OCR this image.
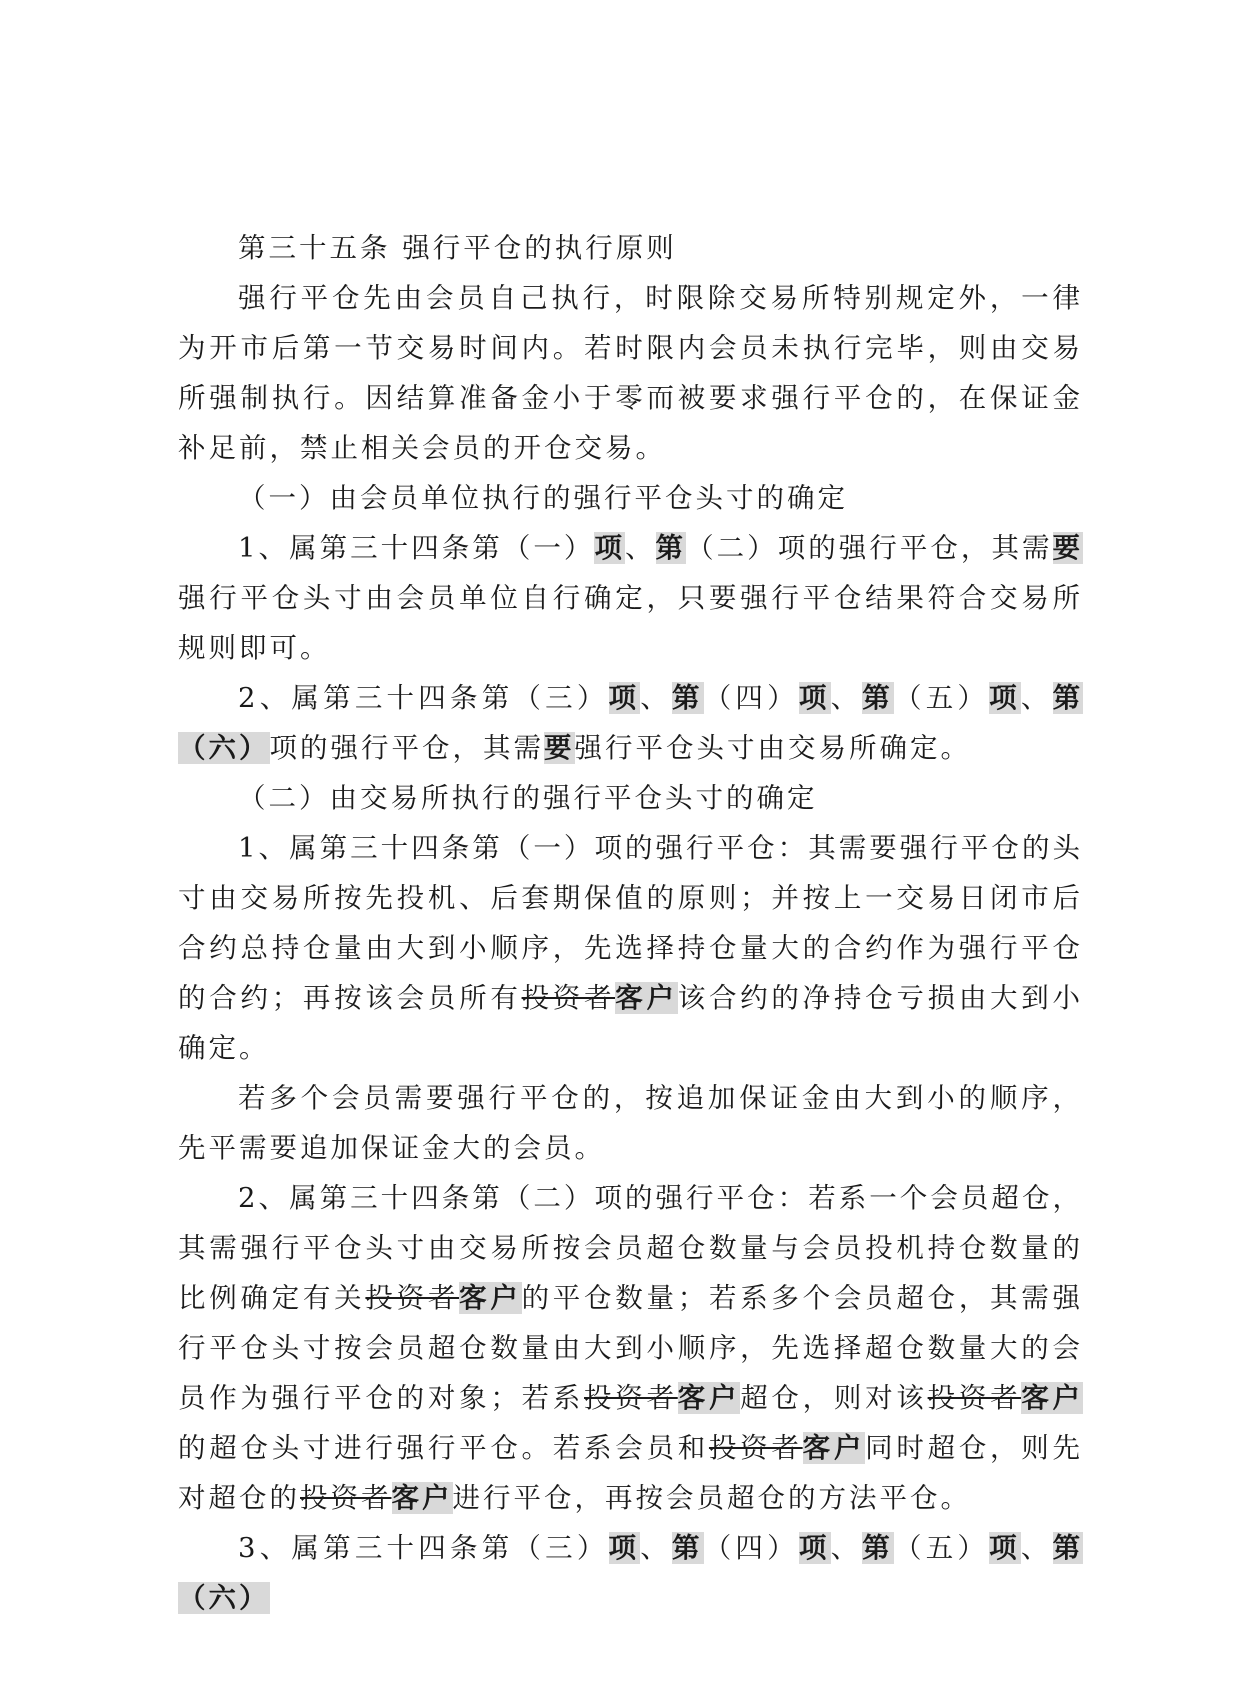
第三十五条 强行平仓的执行原则

强行平仓先由会员自己执行，时限除交易所特别规定外，一律为开市后第一节交易时间内。若时限内会员未执行完毕，则由交易所强制执行。因结算准备金小于零而被要求强行平仓的，在保证金补足前，禁止相关会员的开仓交易。

（一）由会员单位执行的强行平仓头寸的确定

1、属第三十四条第（一）项、第（二）项的强行平仓，其需要强行平仓头寸由会员单位自行确定，只要强行平仓结果符合交易所规则即可。

2、属第三十四条第（三）项、第（四）项、第（五）项、第（六）项的强行平仓，其需要强行平仓头寸由交易所确定。

（二）由交易所执行的强行平仓头寸的确定

1、属第三十四条第（一）项的强行平仓：其需要强行平仓的头寸由交易所按先投机、后套期保值的原则；并按上一交易日闭市后合约总持仓量由大到小顺序，先选择持仓量大的合约作为强行平仓的合约；再按该会员所有投资者客户该合约的净持仓亏损由大到小确定。

若多个会员需要强行平仓的，按追加保证金由大到小的顺序，先平需要追加保证金大的会员。

2、属第三十四条第（二）项的强行平仓：若系一个会员超仓，其需强行平仓头寸由交易所按会员超仓数量与会员投机持仓数量的比例确定有关投资者客户的平仓数量；若系多个会员超仓，其需强行平仓头寸按会员超仓数量由大到小顺序，先选择超仓数量大的会员作为强行平仓的对象；若系投资者客户超仓，则对该投资者客户的超仓头寸进行强行平仓。若系会员和投资者客户同时超仓，则先对超仓的投资者客户进行平仓，再按会员超仓的方法平仓。

3、属第三十四条第（三）项、第（四）项、第（五）项、第（六）
